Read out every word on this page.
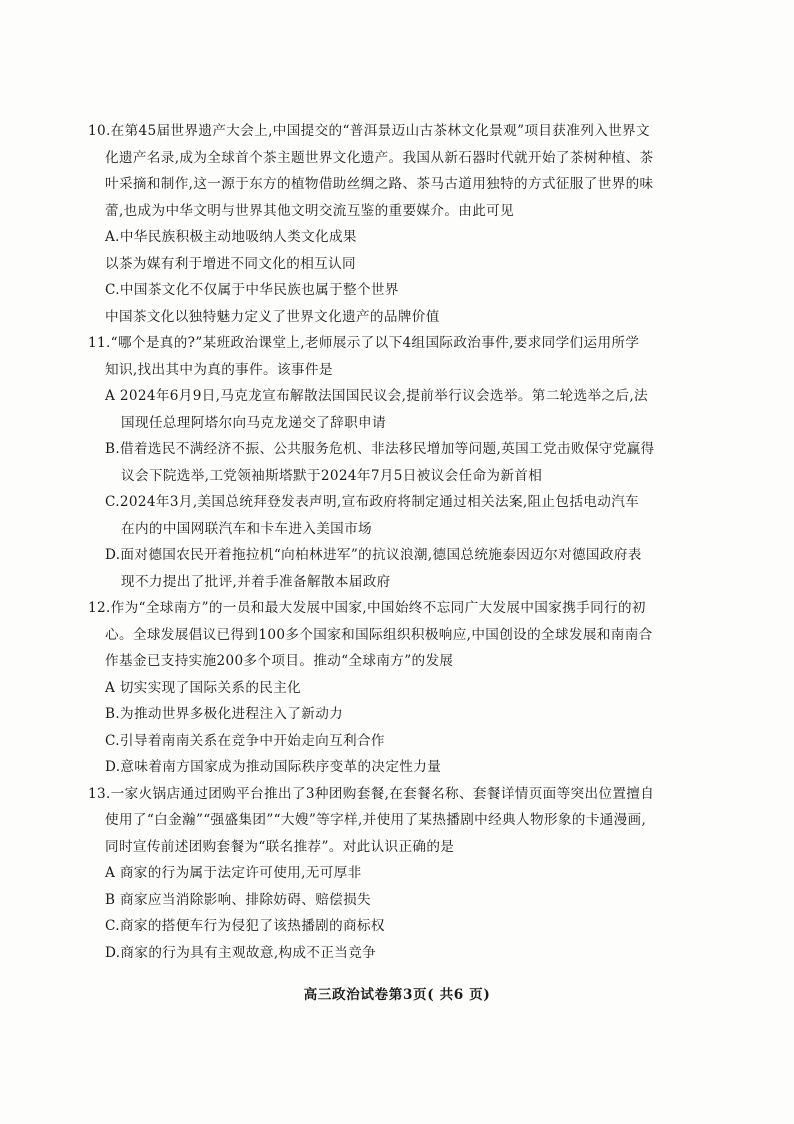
10.在第45届世界遗产大会上,中国提交的“普洱景迈山古茶林文化景观”项目获准列入世界文
化遗产名录,成为全球首个茶主题世界文化遗产。我国从新石器时代就开始了茶树种植、茶
叶采摘和制作,这一源于东方的植物借助丝绸之路、茶马古道用独特的方式征服了世界的味
蕾,也成为中华文明与世界其他文明交流互鉴的重要媒介。由此可见
A.中华民族积极主动地吸纳人类文化成果
以茶为媒有利于增进不同文化的相互认同
C.中国茶文化不仅属于中华民族也属于整个世界
中国茶文化以独特魅力定义了世界文化遗产的品牌价值
11.“哪个是真的?”某班政治课堂上,老师展示了以下4组国际政治事件,要求同学们运用所学
知识,找出其中为真的事件。该事件是
A 2024年6月9日,马克龙宣布解散法国国民议会,提前举行议会选举。第二轮选举之后,法
国现任总理阿塔尔向马克龙递交了辞职申请
B.借着选民不满经济不振、公共服务危机、非法移民增加等问题,英国工党击败保守党赢得
议会下院选举,工党领袖斯塔默于2024年7月5日被议会任命为新首相
C.2024年3月,美国总统拜登发表声明,宣布政府将制定通过相关法案,阻止包括电动汽车
在内的中国网联汽车和卡车进入美国市场
D.面对德国农民开着拖拉机“向柏林进军”的抗议浪潮,德国总统施泰因迈尔对德国政府表
现不力提出了批评,并着手准备解散本届政府
12.作为“全球南方”的一员和最大发展中国家,中国始终不忘同广大发展中国家携手同行的初
心。全球发展倡议已得到100多个国家和国际组织积极响应,中国创设的全球发展和南南合
作基金已支持实施200多个项目。推动“全球南方”的发展
A 切实实现了国际关系的民主化
B.为推动世界多极化进程注入了新动力
C.引导着南南关系在竞争中开始走向互利合作
D.意味着南方国家成为推动国际秩序变革的决定性力量
13.一家火锅店通过团购平台推出了3种团购套餐,在套餐名称、套餐详情页面等突出位置擅自
使用了“白金瀚”“强盛集团”“大嫂”等字样,并使用了某热播剧中经典人物形象的卡通漫画,
同时宣传前述团购套餐为“联名推荐”。对此认识正确的是
A 商家的行为属于法定许可使用,无可厚非
B 商家应当消除影响、排除妨碍、赔偿损失
C.商家的搭便车行为侵犯了该热播剧的商标权
D.商家的行为具有主观故意,构成不正当竞争
高三政治试卷第3页( 共6 页)
